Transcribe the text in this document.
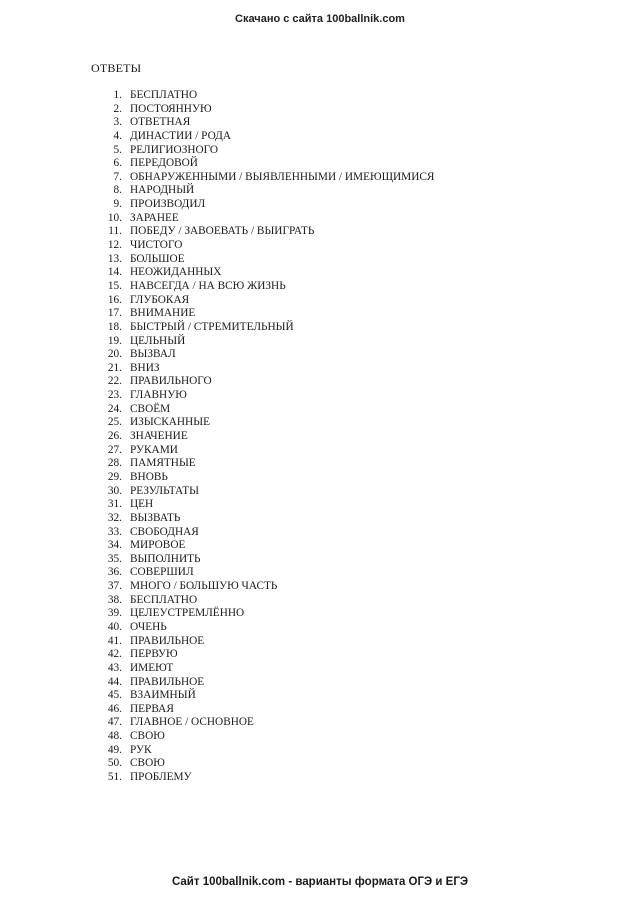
Скачано с сайта 100ballnik.com
ОТВЕТЫ
1. БЕСПЛАТНО
2. ПОСТОЯННУЮ
3. ОТВЕТНАЯ
4. ДИНАСТИИ / РОДА
5. РЕЛИГИОЗНОГО
6. ПЕРЕДОВОЙ
7. ОБНАРУЖЕННЫМИ / ВЫЯВЛЕННЫМИ / ИМЕЮЩИМИСЯ
8. НАРОДНЫЙ
9. ПРОИЗВОДИЛ
10. ЗАРАНЕЕ
11. ПОБЕДУ / ЗАВОЕВАТЬ / ВЫИГРАТЬ
12. ЧИСТОГО
13. БОЛЬШОЕ
14. НЕОЖИДАННЫХ
15. НАВСЕГДА / НА ВСЮ ЖИЗНЬ
16. ГЛУБОКАЯ
17. ВНИМАНИЕ
18. БЫСТРЫЙ / СТРЕМИТЕЛЬНЫЙ
19. ЦЕЛЬНЫЙ
20. ВЫЗВАЛ
21. ВНИЗ
22. ПРАВИЛЬНОГО
23. ГЛАВНУЮ
24. СВОЁМ
25. ИЗЫСКАННЫЕ
26. ЗНАЧЕНИЕ
27. РУКАМИ
28. ПАМЯТНЫЕ
29. ВНОВЬ
30. РЕЗУЛЬТАТЫ
31. ЦЕН
32. ВЫЗВАТЬ
33. СВОБОДНАЯ
34. МИРОВОЕ
35. ВЫПОЛНИТЬ
36. СОВЕРШИЛ
37. МНОГО / БОЛЬШУЮ ЧАСТЬ
38. БЕСПЛАТНО
39. ЦЕЛЕУСТРЕМЛЁННО
40. ОЧЕНЬ
41. ПРАВИЛЬНОЕ
42. ПЕРВУЮ
43. ИМЕЮТ
44. ПРАВИЛЬНОЕ
45. ВЗАИМНЫЙ
46. ПЕРВАЯ
47. ГЛАВНОЕ / ОСНОВНОЕ
48. СВОЮ
49. РУК
50. СВОЮ
51. ПРОБЛЕМУ
Сайт 100ballnik.com - варианты формата ОГЭ и ЕГЭ
